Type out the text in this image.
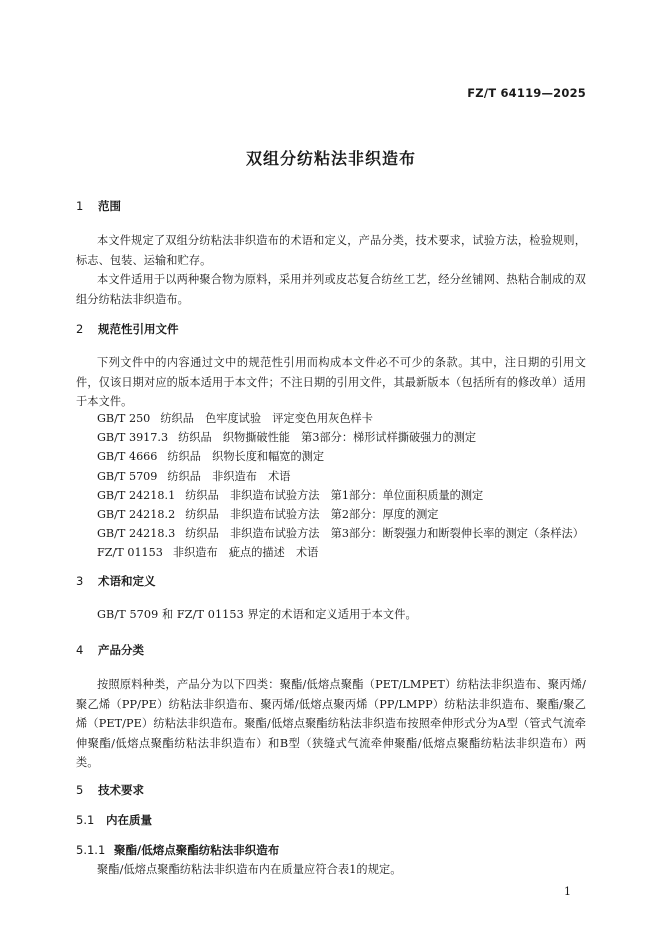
FZ/T 64119—2025
双组分纺粘法非织造布
1 范围
本文件规定了双组分纺粘法非织造布的术语和定义，产品分类，技术要求，试验方法，检验规则，标志、包装、运输和贮存。
本文件适用于以两种聚合物为原料，采用并列或皮芯复合纺丝工艺，经分丝铺网、热粘合制成的双组分纺粘法非织造布。
2 规范性引用文件
下列文件中的内容通过文中的规范性引用而构成本文件必不可少的条款。其中，注日期的引用文件，仅该日期对应的版本适用于本文件；不注日期的引用文件，其最新版本（包括所有的修改单）适用于本文件。
GB/T 250 纺织品　色牢度试验　评定变色用灰色样卡
GB/T 3917.3 纺织品　织物撕破性能　第3部分：梯形试样撕破强力的测定
GB/T 4666 纺织品　织物长度和幅宽的测定
GB/T 5709 纺织品　非织造布　术语
GB/T 24218.1 纺织品　非织造布试验方法　第1部分：单位面积质量的测定
GB/T 24218.2 纺织品　非织造布试验方法　第2部分：厚度的测定
GB/T 24218.3 纺织品　非织造布试验方法　第3部分：断裂强力和断裂伸长率的测定（条样法）
FZ/T 01153 非织造布　疵点的描述　术语
3 术语和定义
GB/T 5709 和 FZ/T 01153 界定的术语和定义适用于本文件。
4 产品分类
按照原料种类，产品分为以下四类：聚酯/低熔点聚酯（PET/LMPET）纺粘法非织造布、聚丙烯/聚乙烯（PP/PE）纺粘法非织造布、聚丙烯/低熔点聚丙烯（PP/LMPP）纺粘法非织造布、聚酯/聚乙烯（PET/PE）纺粘法非织造布。聚酯/低熔点聚酯纺粘法非织造布按照牵伸形式分为A型（管式气流牵伸聚酯/低熔点聚酯纺粘法非织造布）和B型（狭缝式气流牵伸聚酯/低熔点聚酯纺粘法非织造布）两类。
5 技术要求
5.1 内在质量
5.1.1 聚酯/低熔点聚酯纺粘法非织造布
聚酯/低熔点聚酯纺粘法非织造布内在质量应符合表1的规定。
1
